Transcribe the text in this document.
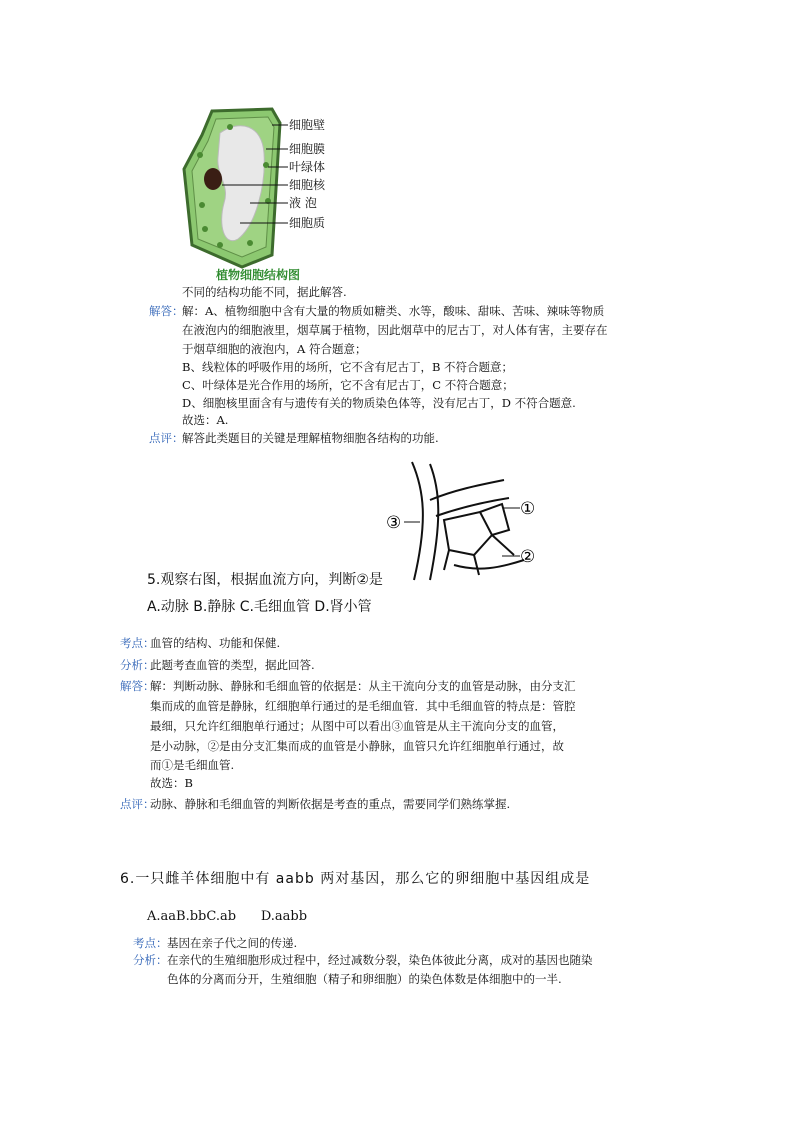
细胞壁
细胞膜
叶绿体
细胞核
液 泡
细胞质
植物细胞结构图
不同的结构功能不同，据此解答.
解答：
解：A、植物细胞中含有大量的物质如糖类、水等，酸味、甜味、苦味、辣味等物质
在液泡内的细胞液里，烟草属于植物，因此烟草中的尼古丁，对人体有害，主要存在
于烟草细胞的液泡内，A 符合题意；
B、线粒体的呼吸作用的场所，它不含有尼古丁，B 不符合题意；
C、叶绿体是光合作用的场所，它不含有尼古丁，C 不符合题意；
D、细胞核里面含有与遗传有关的物质染色体等，没有尼古丁，D 不符合题意.
故选：A.
点评：
解答此类题目的关键是理解植物细胞各结构的功能.
①
②
③
5.观察右图，根据血流方向，判断②是
A.动脉 B.静脉 C.毛细血管 D.肾小管
考点：
血管的结构、功能和保健.
分析：
此题考查血管的类型，据此回答.
解答：
解：判断动脉、静脉和毛细血管的依据是：从主干流向分支的血管是动脉，由分支汇
集而成的血管是静脉，红细胞单行通过的是毛细血管．其中毛细血管的特点是：管腔
最细，只允许红细胞单行通过；从图中可以看出③血管是从主干流向分支的血管，
是小动脉，②是由分支汇集而成的血管是小静脉，血管只允许红细胞单行通过，故
而①是毛细血管.
故选：B
点评：
动脉、静脉和毛细血管的判断依据是考查的重点，需要同学们熟练掌握.
6.一只雌羊体细胞中有 aabb 两对基因，那么它的卵细胞中基因组成是
A.aaB.bbC.ab      D.aabb
考点： 基因在亲子代之间的传递.
分析： 在亲代的生殖细胞形成过程中，经过减数分裂，染色体彼此分离，成对的基因也随染
色体的分离而分开，生殖细胞（精子和卵细胞）的染色体数是体细胞中的一半.
